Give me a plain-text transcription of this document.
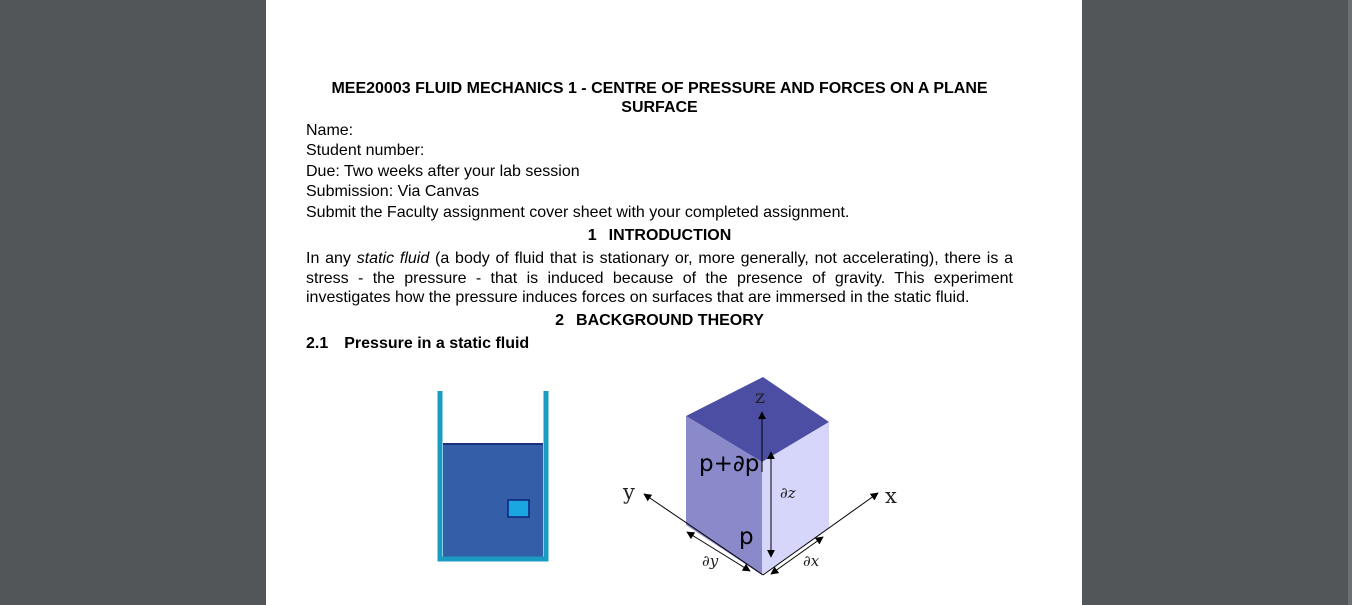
MEE20003 FLUID MECHANICS 1 - CENTRE OF PRESSURE AND FORCES ON A PLANE SURFACE
Name:
Student number:
Due: Two weeks after your lab session
Submission: Via Canvas
Submit the Faculty assignment cover sheet with your completed assignment.
1 INTRODUCTION
In any static fluid (a body of fluid that is stationary or, more generally, not accelerating), there is a stress - the pressure - that is induced because of the presence of gravity. This experiment investigates how the pressure induces forces on surfaces that are immersed in the static fluid.
2 BACKGROUND THEORY
2.1 Pressure in a static fluid
z
x
y
p+∂p
p
∂z
∂x
∂y
